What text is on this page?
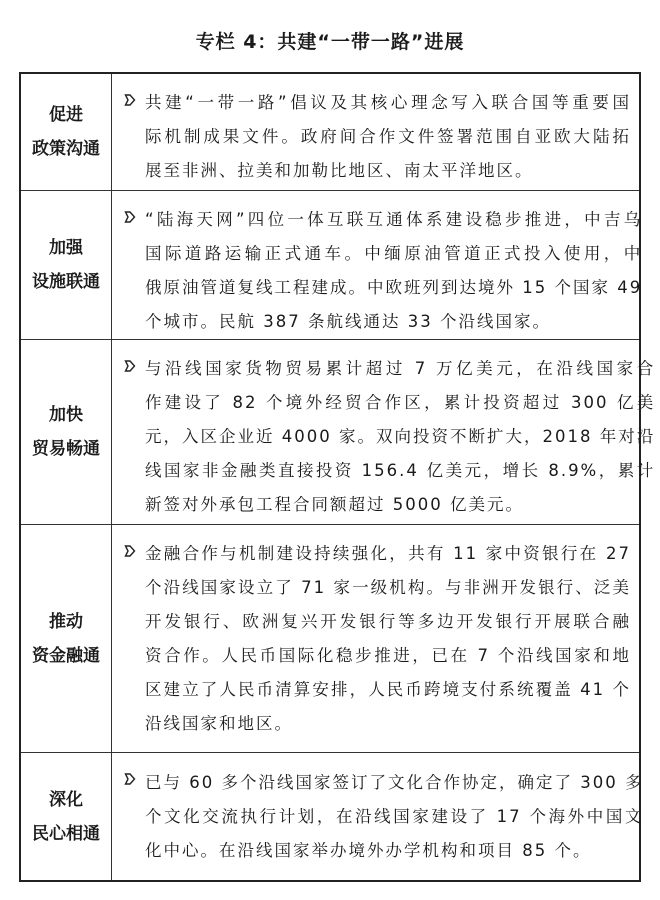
专栏 4：共建“一带一路”进展
促进
政策沟通
共建“一带一路”倡议及其核心理念写入联合国等重要国
际机制成果文件。政府间合作文件签署范围自亚欧大陆拓
展至非洲、拉美和加勒比地区、南太平洋地区。
加强
设施联通
“陆海天网”四位一体互联互通体系建设稳步推进，中吉乌
国际道路运输正式通车。中缅原油管道正式投入使用，中
俄原油管道复线工程建成。中欧班列到达境外 15 个国家 49
个城市。民航 387 条航线通达 33 个沿线国家。
加快
贸易畅通
与沿线国家货物贸易累计超过 7 万亿美元，在沿线国家合
作建设了 82 个境外经贸合作区，累计投资超过 300 亿美
元，入区企业近 4000 家。双向投资不断扩大，2018 年对沿
线国家非金融类直接投资 156.4 亿美元，增长 8.9%，累计
新签对外承包工程合同额超过 5000 亿美元。
推动
资金融通
金融合作与机制建设持续强化，共有 11 家中资银行在 27
个沿线国家设立了 71 家一级机构。与非洲开发银行、泛美
开发银行、欧洲复兴开发银行等多边开发银行开展联合融
资合作。人民币国际化稳步推进，已在 7 个沿线国家和地
区建立了人民币清算安排，人民币跨境支付系统覆盖 41 个
沿线国家和地区。
深化
民心相通
已与 60 多个沿线国家签订了文化合作协定，确定了 300 多
个文化交流执行计划，在沿线国家建设了 17 个海外中国文
化中心。在沿线国家举办境外办学机构和项目 85 个。
